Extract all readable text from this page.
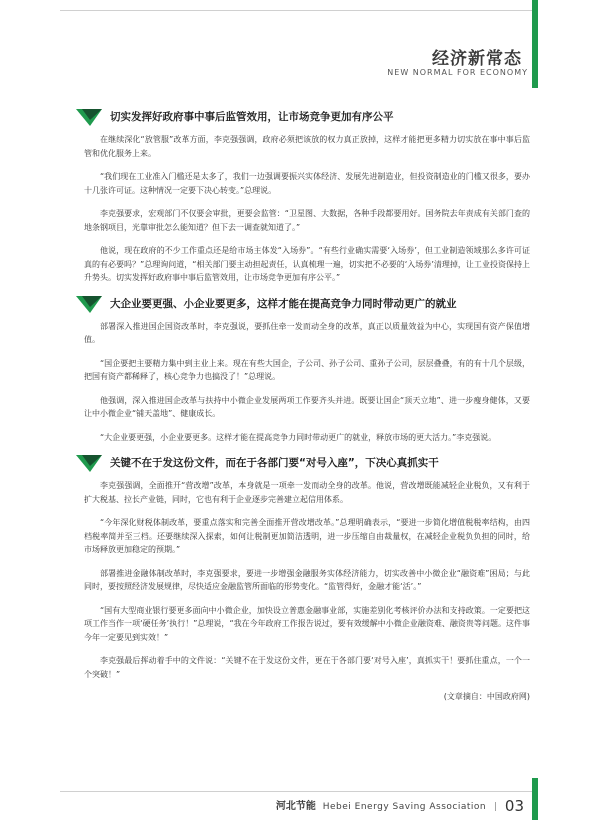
经济新常态
NEW NORMAL FOR ECONOMY
切实发挥好政府事中事后监管效用，让市场竞争更加有序公平

在继续深化“放管服”改革方面，李克强强调，政府必须把该放的权力真正放掉，这样才能把更多精力切实放在事中事后监管和优化服务上来。

“我们现在工业准入门槛还是太多了，我们一边强调要振兴实体经济、发展先进制造业，但投资制造业的门槛又很多，要办十几张许可证。这种情况一定要下决心转变。”总理说。

李克强要求，宏观部门不仅要会审批，更要会监管：“卫星图、大数据，各种手段都要用好。国务院去年责成有关部门查的地条钢项目，光靠审批怎么能知道？但下去一调查就知道了。”

他说，现在政府的不少工作重点还是给市场主体发“入场券”。“有些行业确实需要‘入场券’，但工业制造领域那么多许可证真的有必要吗？”总理询问道，“相关部门要主动担起责任，认真梳理一遍，切实把不必要的‘入场券’清理掉，让工业投资保持上升势头。切实发挥好政府事中事后监管效用，让市场竞争更加有序公平。”

大企业要更强、小企业要更多，这样才能在提高竞争力同时带动更广的就业

部署深入推进国企国资改革时，李克强说，要抓住牵一发而动全身的改革，真正以质量效益为中心，实现国有资产保值增值。

“国企要把主要精力集中到主业上来。现在有些大国企，子公司、孙子公司、重孙子公司，层层叠叠，有的有十几个层级，把国有资产都稀释了，核心竞争力也搞没了！”总理说。

他强调，深入推进国企改革与扶持中小微企业发展两项工作要齐头并进。既要让国企“顶天立地”、进一步瘦身健体，又要让中小微企业“铺天盖地”、健康成长。

“大企业要更强，小企业要更多。这样才能在提高竞争力同时带动更广的就业，释放市场的更大活力。”李克强说。

关键不在于发这份文件，而在于各部门要“对号入座”，下决心真抓实干

李克强强调，全面推开“营改增”改革，本身就是一项牵一发而动全身的改革。他说，营改增既能减轻企业税负，又有利于扩大税基、拉长产业链，同时，它也有利于企业逐步完善建立起信用体系。

“今年深化财税体制改革，要重点落实和完善全面推开营改增改革。”总理明确表示，“要进一步简化增值税税率结构，由四档税率简并至三档。还要继续深入探索，如何让税制更加简洁透明，进一步压缩自由裁量权，在减轻企业税负负担的同时，给市场释放更加稳定的预期。”

部署推进金融体制改革时，李克强要求，要进一步增强金融服务实体经济能力，切实改善中小微企业“融资难”困局；与此同时，要按照经济发展规律，尽快适应金融监管所面临的形势变化。“监管得好，金融才能‘活’。”

“国有大型商业银行要更多面向中小微企业，加快设立普惠金融事业部，实施差别化考核评价办法和支持政策。一定要把这项工作当作一项‘硬任务’执行！”总理说，“我在今年政府工作报告说过，要有效缓解中小微企业融资难、融资贵等问题。这件事今年一定要见到实效！”

李克强最后挥动着手中的文件说：“关键不在于发这份文件，更在于各部门要‘对号入座’，真抓实干！要抓住重点，一个一个突破！”

(文章摘自：中国政府网)
河北节能 Hebei Energy Saving Association | 03
